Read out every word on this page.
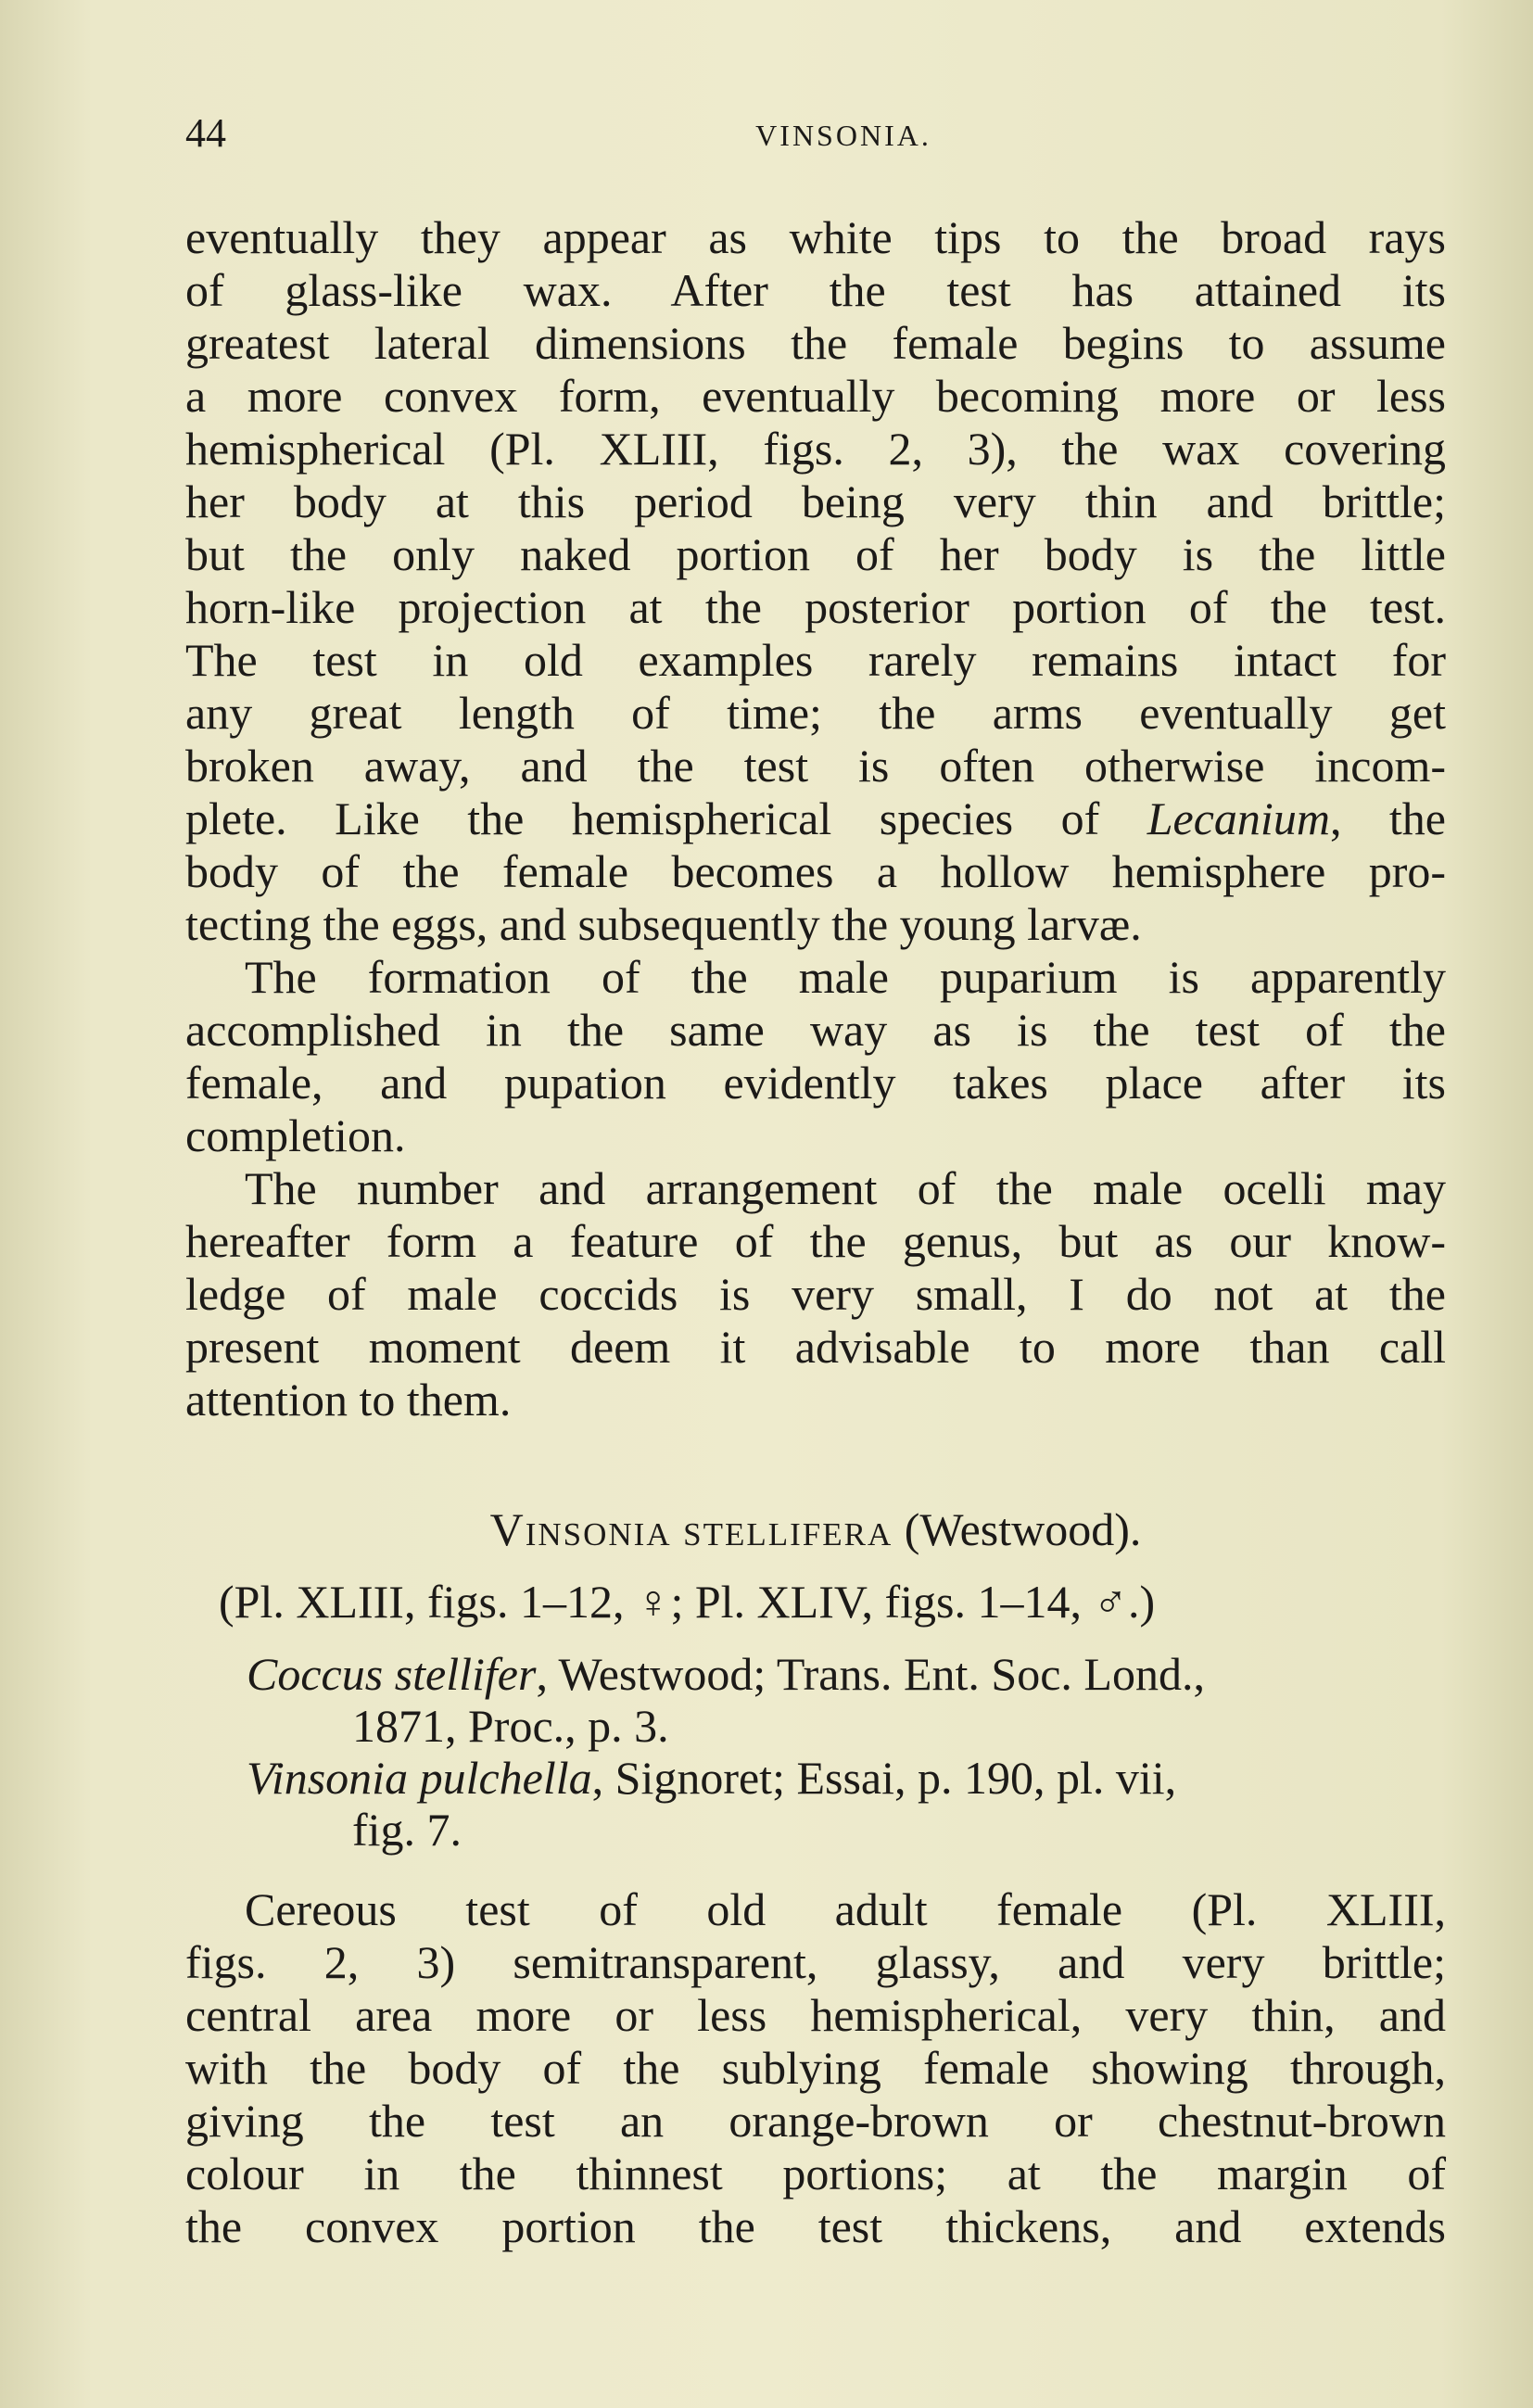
44	VINSONIA.

eventually they appear as white tips to the broad rays
of glass-like wax. After the test has attained its
greatest lateral dimensions the female begins to assume
a more convex form, eventually becoming more or less
hemispherical (Pl. XLIII, figs. 2, 3), the wax covering
her body at this period being very thin and brittle;
but the only naked portion of her body is the little
horn-like projection at the posterior portion of the test.
The test in old examples rarely remains intact for
any great length of time; the arms eventually get
broken away, and the test is often otherwise incom-
plete. Like the hemispherical species of Lecanium, the
body of the female becomes a hollow hemisphere pro-
tecting the eggs, and subsequently the young larvæ.

The formation of the male puparium is apparently
accomplished in the same way as is the test of the
female, and pupation evidently takes place after its
completion.

The number and arrangement of the male ocelli may
hereafter form a feature of the genus, but as our know-
ledge of male coccids is very small, I do not at the
present moment deem it advisable to more than call
attention to them.

Vinsonia stellifera (Westwood).

(Pl. XLIII, figs. 1–12, ♀; Pl. XLIV, figs. 1–14, ♂.)

Coccus stellifer, Westwood; Trans. Ent. Soc. Lond.,
1871, Proc., p. 3.

Vinsonia pulchella, Signoret; Essai, p. 190, pl. vii,
fig. 7.

Cereous test of old adult female (Pl. XLIII,
figs. 2, 3) semitransparent, glassy, and very brittle;
central area more or less hemispherical, very thin, and
with the body of the sublying female showing through,
giving the test an orange-brown or chestnut-brown
colour in the thinnest portions; at the margin of
the convex portion the test thickens, and extends
